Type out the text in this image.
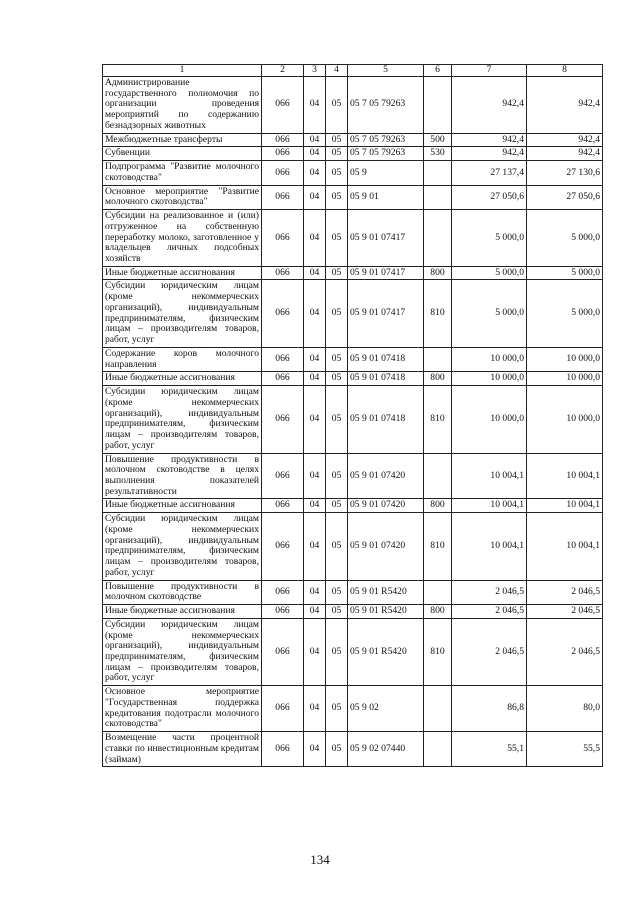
1	2	3	4	5	6	7	8
Администрирование государственного полномочия по организации проведения мероприятий по содержанию безнадзорных животных	066	04	05	05 7 05 79263		942,4	942,4
Межбюджетные трансферты	066	04	05	05 7 05 79263	500	942,4	942,4
Субвенции	066	04	05	05 7 05 79263	530	942,4	942,4
Подпрограмма "Развитие молочного скотоводства"	066	04	05	05 9		27 137,4	27 130,6
Основное мероприятие "Развитие молочного скотоводства"	066	04	05	05 9 01		27 050,6	27 050,6
Субсидии на реализованное и (или) отгруженное на собственную переработку молоко, заготовленное у владельцев личных подсобных хозяйств	066	04	05	05 9 01 07417		5 000,0	5 000,0
Иные бюджетные ассигнования	066	04	05	05 9 01 07417	800	5 000,0	5 000,0
Субсидии юридическим лицам (кроме некоммерческих организаций), индивидуальным предпринимателям, физическим лицам – производителям товаров, работ, услуг	066	04	05	05 9 01 07417	810	5 000,0	5 000,0
Содержание коров молочного направления	066	04	05	05 9 01 07418		10 000,0	10 000,0
Иные бюджетные ассигнования	066	04	05	05 9 01 07418	800	10 000,0	10 000,0
Субсидии юридическим лицам (кроме некоммерческих организаций), индивидуальным предпринимателям, физическим лицам – производителям товаров, работ, услуг	066	04	05	05 9 01 07418	810	10 000,0	10 000,0
Повышение продуктивности в молочном скотоводстве в целях выполнения показателей результативности	066	04	05	05 9 01 07420		10 004,1	10 004,1
Иные бюджетные ассигнования	066	04	05	05 9 01 07420	800	10 004,1	10 004,1
Субсидии юридическим лицам (кроме некоммерческих организаций), индивидуальным предпринимателям, физическим лицам – производителям товаров, работ, услуг	066	04	05	05 9 01 07420	810	10 004,1	10 004,1
Повышение продуктивности в молочном скотоводстве	066	04	05	05 9 01 R5420		2 046,5	2 046,5
Иные бюджетные ассигнования	066	04	05	05 9 01 R5420	800	2 046,5	2 046,5
Субсидии юридическим лицам (кроме некоммерческих организаций), индивидуальным предпринимателям, физическим лицам – производителям товаров, работ, услуг	066	04	05	05 9 01 R5420	810	2 046,5	2 046,5
Основное мероприятие "Государственная поддержка кредитования подотрасли молочного скотоводства"	066	04	05	05 9 02		86,8	80,0
Возмещение части процентной ставки по инвестиционным кредитам (займам)	066	04	05	05 9 02 07440		55,1	55,5
134
